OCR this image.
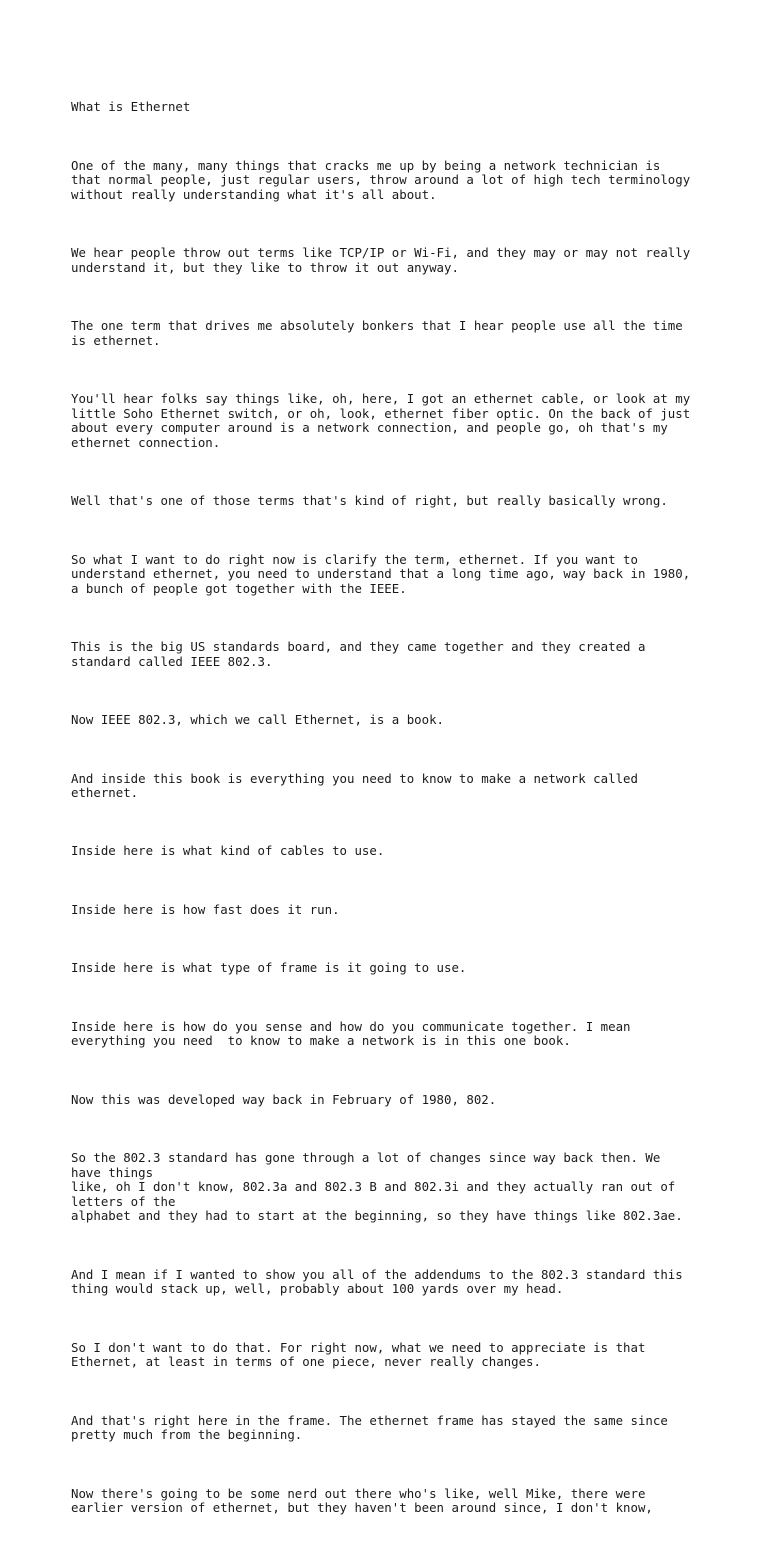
What is Ethernet

One of the many, many things that cracks me up by being a network technician is
that normal people, just regular users, throw around a lot of high tech terminology
without really understanding what it's all about.

We hear people throw out terms like TCP/IP or Wi-Fi, and they may or may not really
understand it, but they like to throw it out anyway.

The one term that drives me absolutely bonkers that I hear people use all the time
is ethernet.

You'll hear folks say things like, oh, here, I got an ethernet cable, or look at my
little Soho Ethernet switch, or oh, look, ethernet fiber optic. On the back of just
about every computer around is a network connection, and people go, oh that's my
ethernet connection.

Well that's one of those terms that's kind of right, but really basically wrong.

So what I want to do right now is clarify the term, ethernet. If you want to
understand ethernet, you need to understand that a long time ago, way back in 1980,
a bunch of people got together with the IEEE.

This is the big US standards board, and they came together and they created a
standard called IEEE 802.3.

Now IEEE 802.3, which we call Ethernet, is a book.

And inside this book is everything you need to know to make a network called
ethernet.

Inside here is what kind of cables to use.

Inside here is how fast does it run.

Inside here is what type of frame is it going to use.

Inside here is how do you sense and how do you communicate together. I mean
everything you need  to know to make a network is in this one book.

Now this was developed way back in February of 1980, 802.

So the 802.3 standard has gone through a lot of changes since way back then. We
have things
like, oh I don't know, 802.3a and 802.3 B and 802.3i and they actually ran out of
letters of the
alphabet and they had to start at the beginning, so they have things like 802.3ae.

And I mean if I wanted to show you all of the addendums to the 802.3 standard this
thing would stack up, well, probably about 100 yards over my head.

So I don't want to do that. For right now, what we need to appreciate is that
Ethernet, at least in terms of one piece, never really changes.

And that's right here in the frame. The ethernet frame has stayed the same since
pretty much from the beginning.

Now there's going to be some nerd out there who's like, well Mike, there were
earlier version of ethernet, but they haven't been around since, I don't know,
